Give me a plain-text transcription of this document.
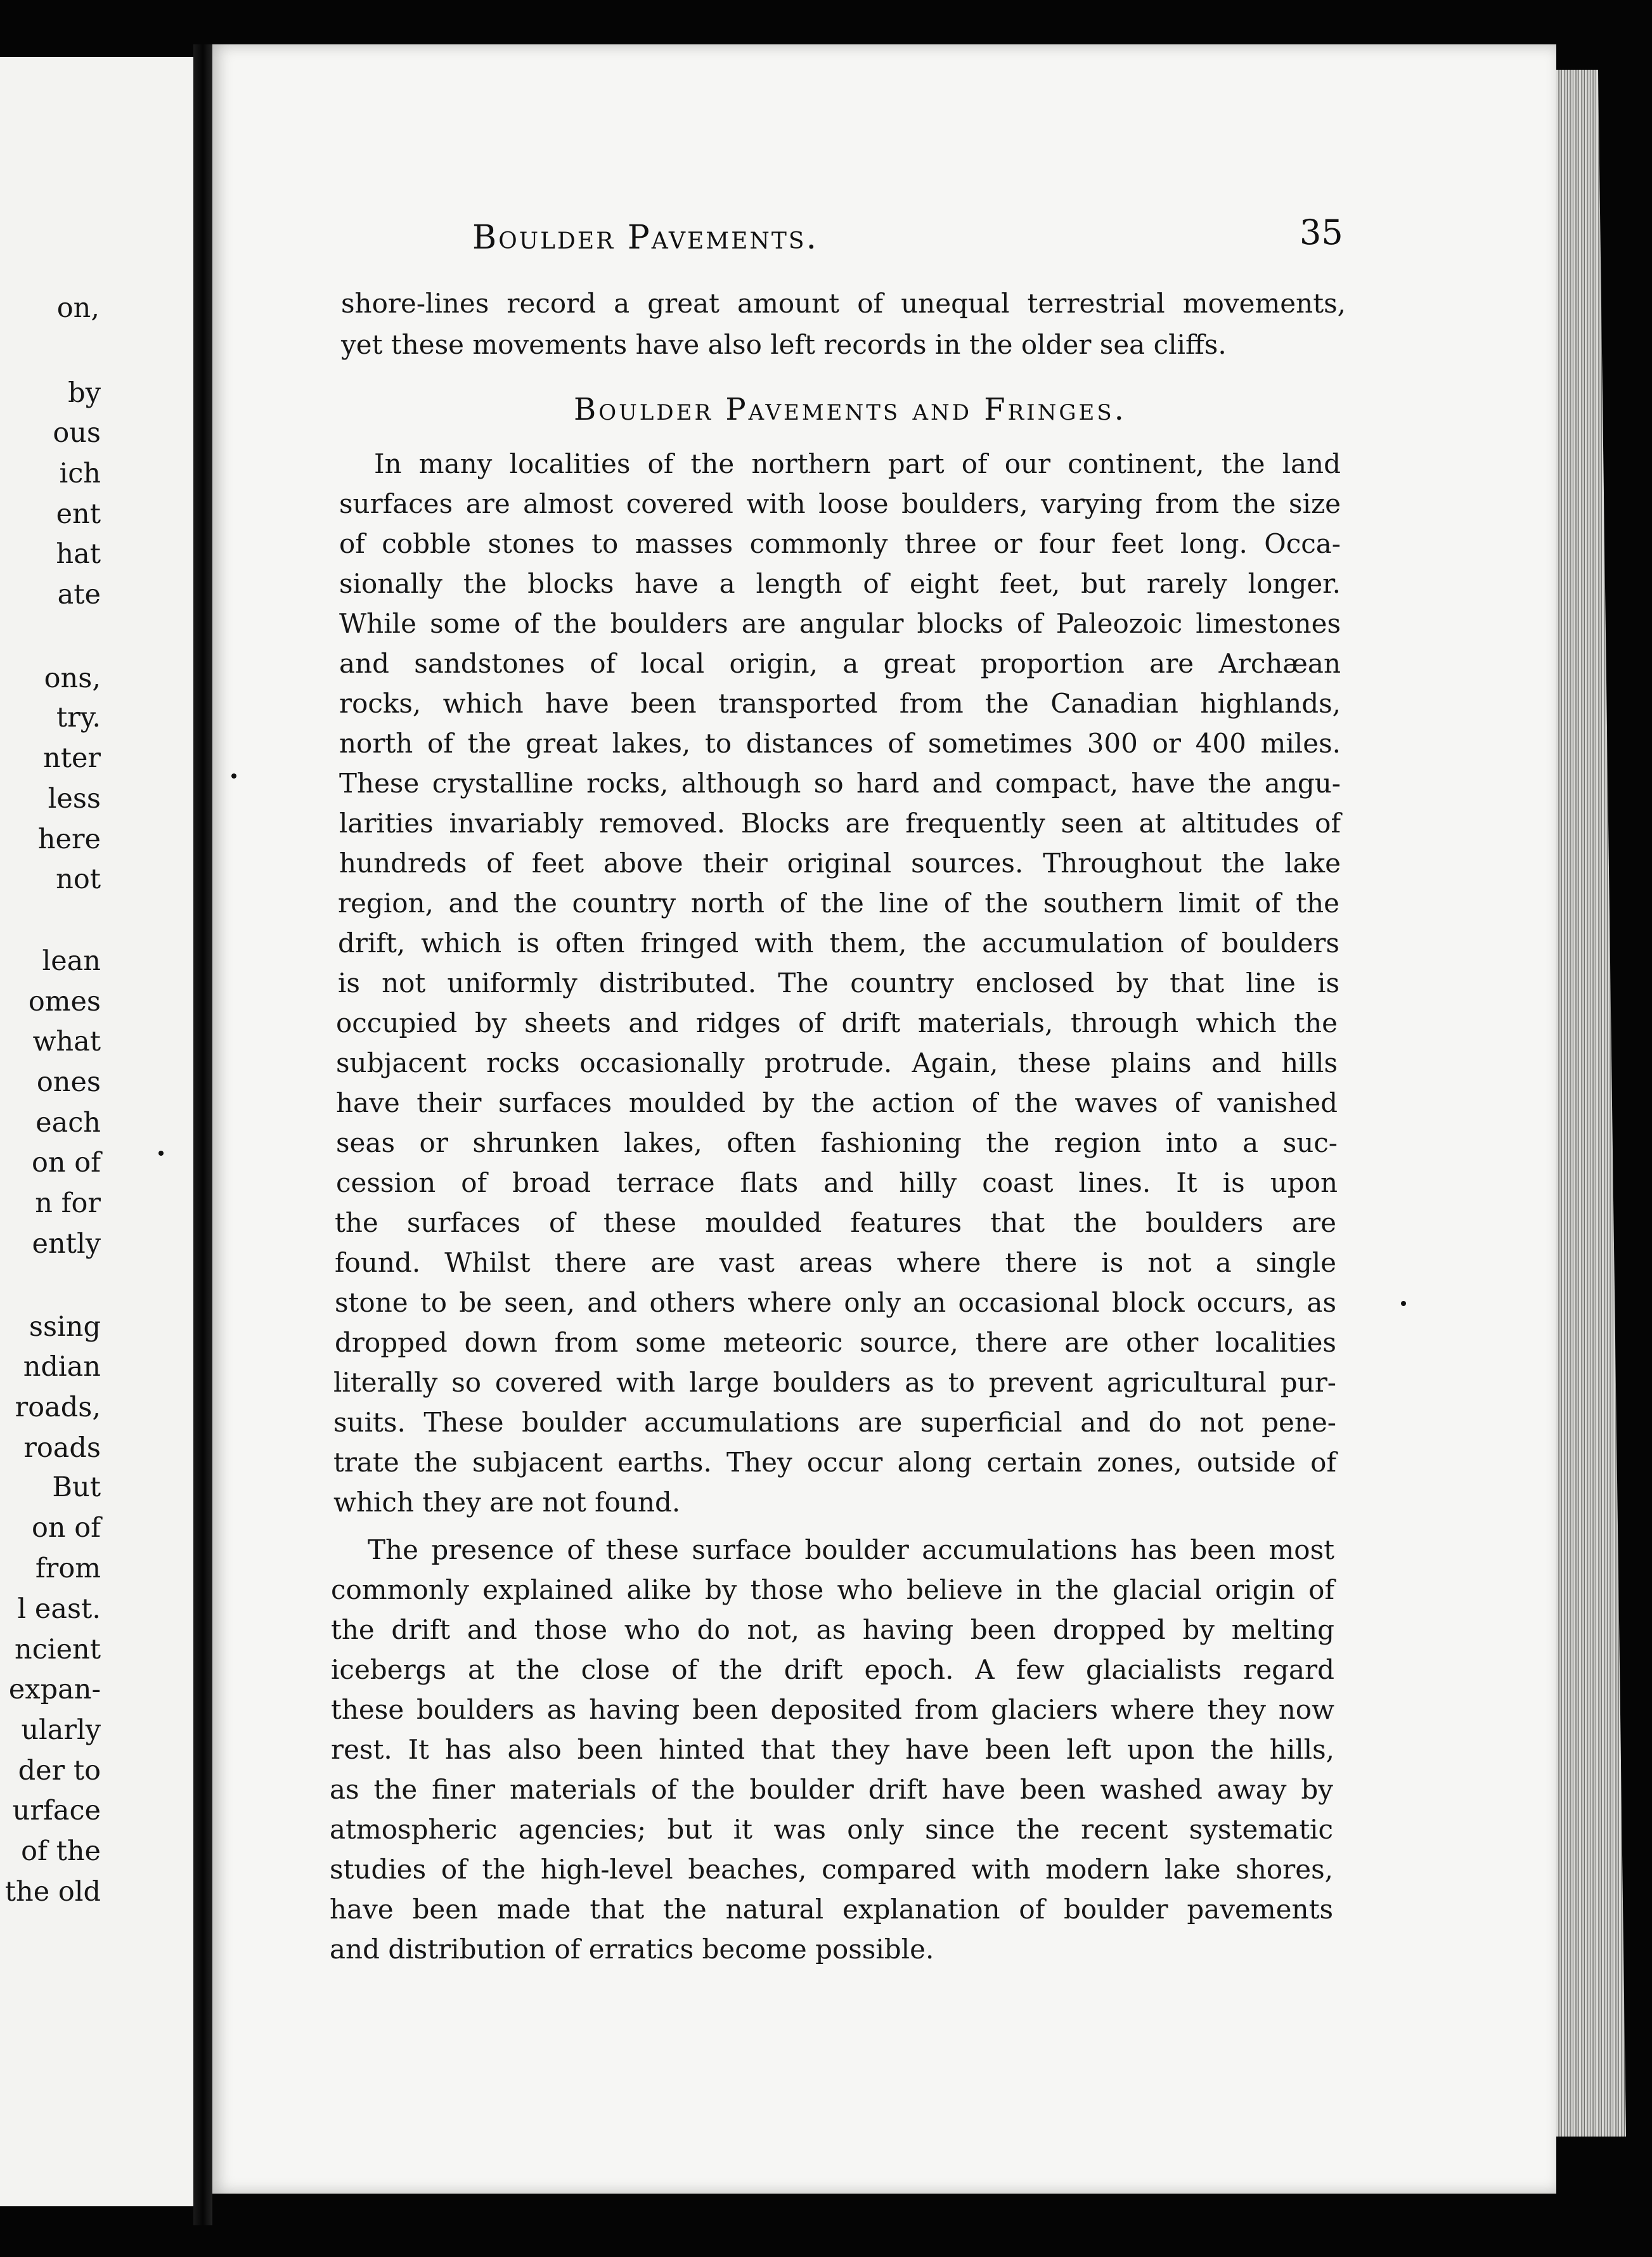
on,
by
ous
ich
ent
hat
ate
ons,
try.
nter
less
here
not
lean
omes
what
ones
each
on of
n for
ently
ssing
ndian
roads,
roads
But
on of
from
l east.
ncient
expan-
ularly
der to
urface
of the
the old
Boulder Pavements.	35
shore-lines record a great amount of unequal terrestrial movements,
yet these movements have also left records in the older sea cliffs.
Boulder Pavements and Fringes.
In many localities of the northern part of our continent, the land
surfaces are almost covered with loose boulders, varying from the size
of cobble stones to masses commonly three or four feet long. Occa-
sionally the blocks have a length of eight feet, but rarely longer.
While some of the boulders are angular blocks of Paleozoic limestones
and sandstones of local origin, a great proportion are Archæan
rocks, which have been transported from the Canadian highlands,
north of the great lakes, to distances of sometimes 300 or 400 miles.
These crystalline rocks, although so hard and compact, have the angu-
larities invariably removed. Blocks are frequently seen at altitudes of
hundreds of feet above their original sources. Throughout the lake
region, and the country north of the line of the southern limit of the
drift, which is often fringed with them, the accumulation of boulders
is not uniformly distributed. The country enclosed by that line is
occupied by sheets and ridges of drift materials, through which the
subjacent rocks occasionally protrude. Again, these plains and hills
have their surfaces moulded by the action of the waves of vanished
seas or shrunken lakes, often fashioning the region into a suc-
cession of broad terrace flats and hilly coast lines. It is upon
the surfaces of these moulded features that the boulders are
found. Whilst there are vast areas where there is not a single
stone to be seen, and others where only an occasional block occurs, as
dropped down from some meteoric source, there are other localities
literally so covered with large boulders as to prevent agricultural pur-
suits. These boulder accumulations are superficial and do not pene-
trate the subjacent earths. They occur along certain zones, outside of
which they are not found.
The presence of these surface boulder accumulations has been most
commonly explained alike by those who believe in the glacial origin of
the drift and those who do not, as having been dropped by melting
icebergs at the close of the drift epoch. A few glacialists regard
these boulders as having been deposited from glaciers where they now
rest. It has also been hinted that they have been left upon the hills,
as the finer materials of the boulder drift have been washed away by
atmospheric agencies; but it was only since the recent systematic
studies of the high-level beaches, compared with modern lake shores,
have been made that the natural explanation of boulder pavements
and distribution of erratics become possible.
